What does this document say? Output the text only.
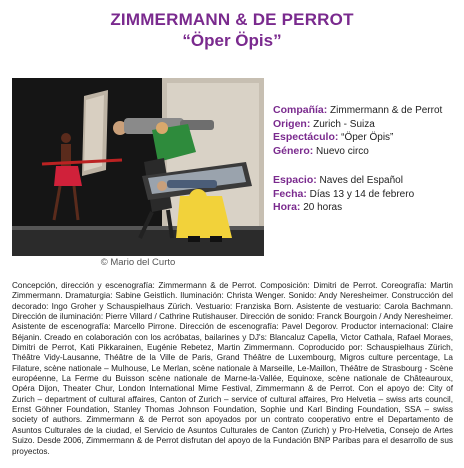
ZIMMERMANN & DE PERROT
“Öper Öpis”
© Mario del Curto
Compañía: Zimmermann & de Perrot
Origen: Zurich - Suiza
Espectáculo: “Öper Öpis”
Género: Nuevo circo
Espacio: Naves del Español
Fecha: Días 13 y 14 de febrero
Hora: 20 horas
Concepción, dirección y escenografía: Zimmermann & de Perrot. Composición: Dimitri de Perrot. Coreografía: Martin Zimmermann. Dramaturgia: Sabine Geistlich. Iluminación: Christa Wenger. Sonido: Andy Neresheimer. Construcción del decorado: Ingo Groher y Schauspielhaus Zürich. Vestuario: Franziska Born. Asistente de vestuario: Carola Bachmann. Dirección de iluminación: Pierre Villard / Cathrine Rutishauser. Dirección de sonido: Franck Bourgoin / Andy Neresheimer. Asistente de escenografía: Marcello Pirrone. Dirección de escenografía: Pavel Degorov. Productor internacional: Claire Béjanin. Creado en colaboración con los acróbatas, bailarines y DJ's: Blancaluz Capella, Victor Cathala, Rafael Moraes, Dimitri de Perrot, Kati Pikkarainen, Eugénie Rebetez, Martin Zimmermann. Coproducido por: Schauspielhaus Zürich, Théâtre Vidy-Lausanne, Théâtre de la Ville de Paris, Grand Théâtre de Luxembourg, Migros culture percentage, La Filature, scène nationale – Mulhouse, Le Merlan, scène nationale à Marseille, Le-Maillon, Théâtre de Strasbourg - Scène européenne, La Ferme du Buisson scène nationale de Marne-la-Vallée, Equinoxe, scène nationale de Châteauroux, Opéra Dijon, Theater Chur, London International Mime Festival, Zimmermann & de Perrot. Con el apoyo de: City of Zurich – department of cultural affaires, Canton of Zurich – service of cultural affaires, Pro Helvetia – swiss arts council, Ernst Göhner Foundation, Stanley Thomas Johnson Foundation, Sophie und Karl Binding Foundation, SSA – swiss society of authors. Zimmermann & de Perrot son apoyados por un contrato cooperativo entre el Departamento de Asuntos Culturales de la ciudad, el Servicio de Asuntos Culturales de Canton (Zurich) y Pro-Helvetia, Consejo de Artes Suizo. Desde 2006, Zimmermann & de Perrot disfrutan del apoyo de la Fundación BNP Paribas para el desarrollo de sus proyectos.
